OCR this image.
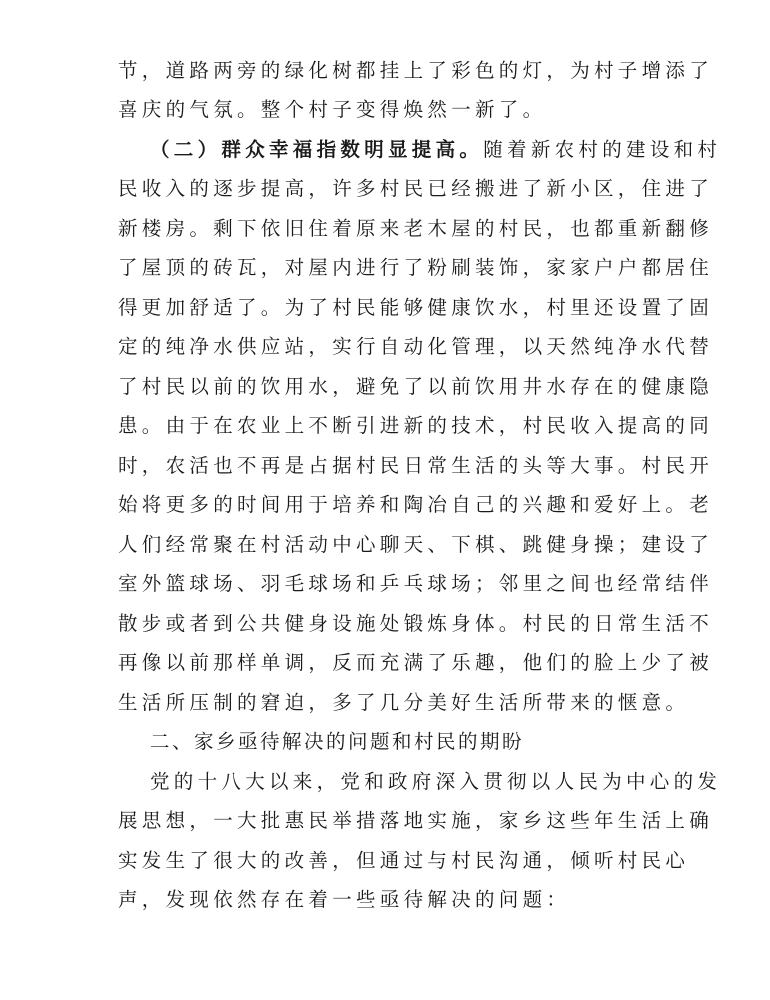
节，道路两旁的绿化树都挂上了彩色的灯，为村子增添了

喜庆的气氛。整个村子变得焕然一新了。

（二）群众幸福指数明显提高。随着新农村的建设和村

民收入的逐步提高，许多村民已经搬进了新小区，住进了

新楼房。剩下依旧住着原来老木屋的村民，也都重新翻修

了屋顶的砖瓦，对屋内进行了粉刷装饰，家家户户都居住

得更加舒适了。为了村民能够健康饮水，村里还设置了固

定的纯净水供应站，实行自动化管理，以天然纯净水代替

了村民以前的饮用水，避免了以前饮用井水存在的健康隐

患。由于在农业上不断引进新的技术，村民收入提高的同

时，农活也不再是占据村民日常生活的头等大事。村民开

始将更多的时间用于培养和陶冶自己的兴趣和爱好上。老

人们经常聚在村活动中心聊天、下棋、跳健身操；建设了

室外篮球场、羽毛球场和乒乓球场；邻里之间也经常结伴

散步或者到公共健身设施处锻炼身体。村民的日常生活不

再像以前那样单调，反而充满了乐趣，他们的脸上少了被

生活所压制的窘迫，多了几分美好生活所带来的惬意。

二、家乡亟待解决的问题和村民的期盼

党的十八大以来，党和政府深入贯彻以人民为中心的发

展思想，一大批惠民举措落地实施，家乡这些年生活上确

实发生了很大的改善，但通过与村民沟通，倾听村民心

声，发现依然存在着一些亟待解决的问题：
